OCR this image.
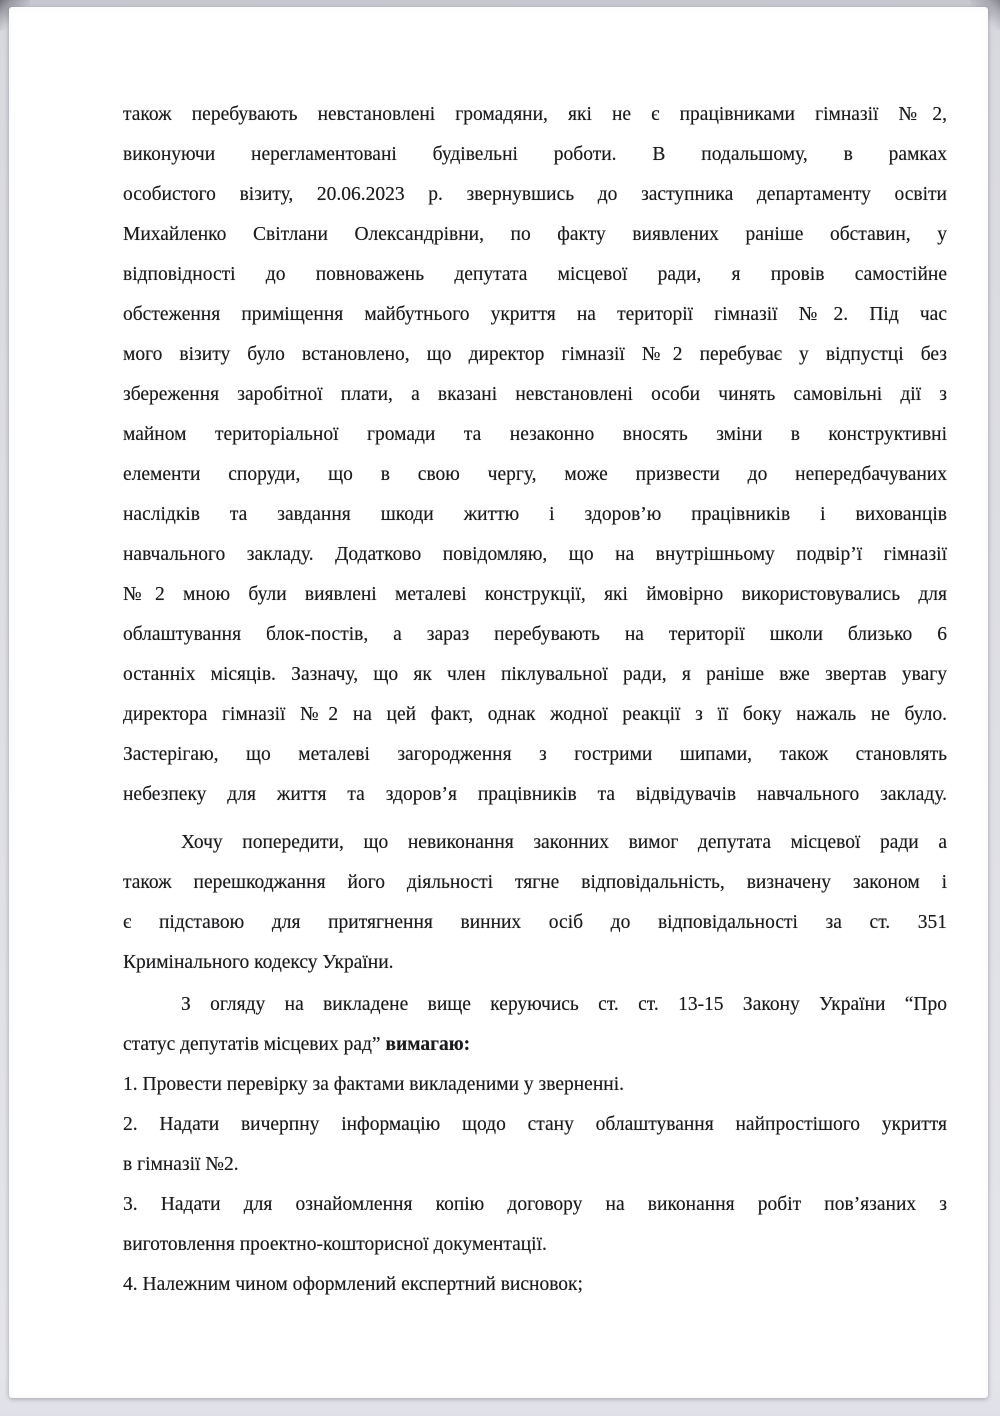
також перебувають невстановлені громадяни, які не є працівниками гімназії №2,
виконуючи нерегламентовані будівельні роботи. В подальшому, в рамках
особистого візиту, 20.06.2023 р. звернувшись до заступника департаменту освіти
Михайленко Світлани Олександрівни, по факту виявлених раніше обставин, у
відповідності до повноважень депутата місцевої ради, я провів самостійне
обстеження приміщення майбутнього укриття на території гімназії №2. Під час
мого візиту було встановлено, що директор гімназії №2 перебуває у відпустці без
збереження заробітної плати, а вказані невстановлені особи чинять самовільні дії з
майном територіальної громади та незаконно вносять зміни в конструктивні
елементи споруди, що в свою чергу, може призвести до непередбачуваних
наслідків та завдання шкоди життю і здоров’ю працівників і вихованців
навчального закладу. Додатково повідомляю, що на внутрішньому подвір’ї гімназії
№2 мною були виявлені металеві конструкції, які ймовірно використовувались для
облаштування блок-постів, а зараз перебувають на території школи близько 6
останніх місяців. Зазначу, що як член піклувальної ради, я раніше вже звертав увагу
директора гімназії №2 на цей факт, однак жодної реакції з її боку нажаль не було.
Застерігаю, що металеві загородження з гострими шипами, також становлять
небезпеку для життя та здоров’я працівників та відвідувачів навчального закладу.
Хочу попередити, що невиконання законних вимог депутата місцевої ради а
також перешкоджання його діяльності тягне відповідальність, визначену законом і
є підставою для притягнення винних осіб до відповідальності за ст. 351
Кримінального кодексу України.
З огляду на викладене вище керуючись ст. ст. 13-15 Закону України “Про
статус депутатів місцевих рад” вимагаю:
1. Провести перевірку за фактами викладеними у зверненні.
2. Надати вичерпну інформацію щодо стану облаштування найпростішого укриття
в гімназії №2.
3. Надати для ознайомлення копію договору на виконання робіт пов’язаних з
виготовлення проектно-кошторисної документації.
4. Належним чином оформлений експертний висновок;
